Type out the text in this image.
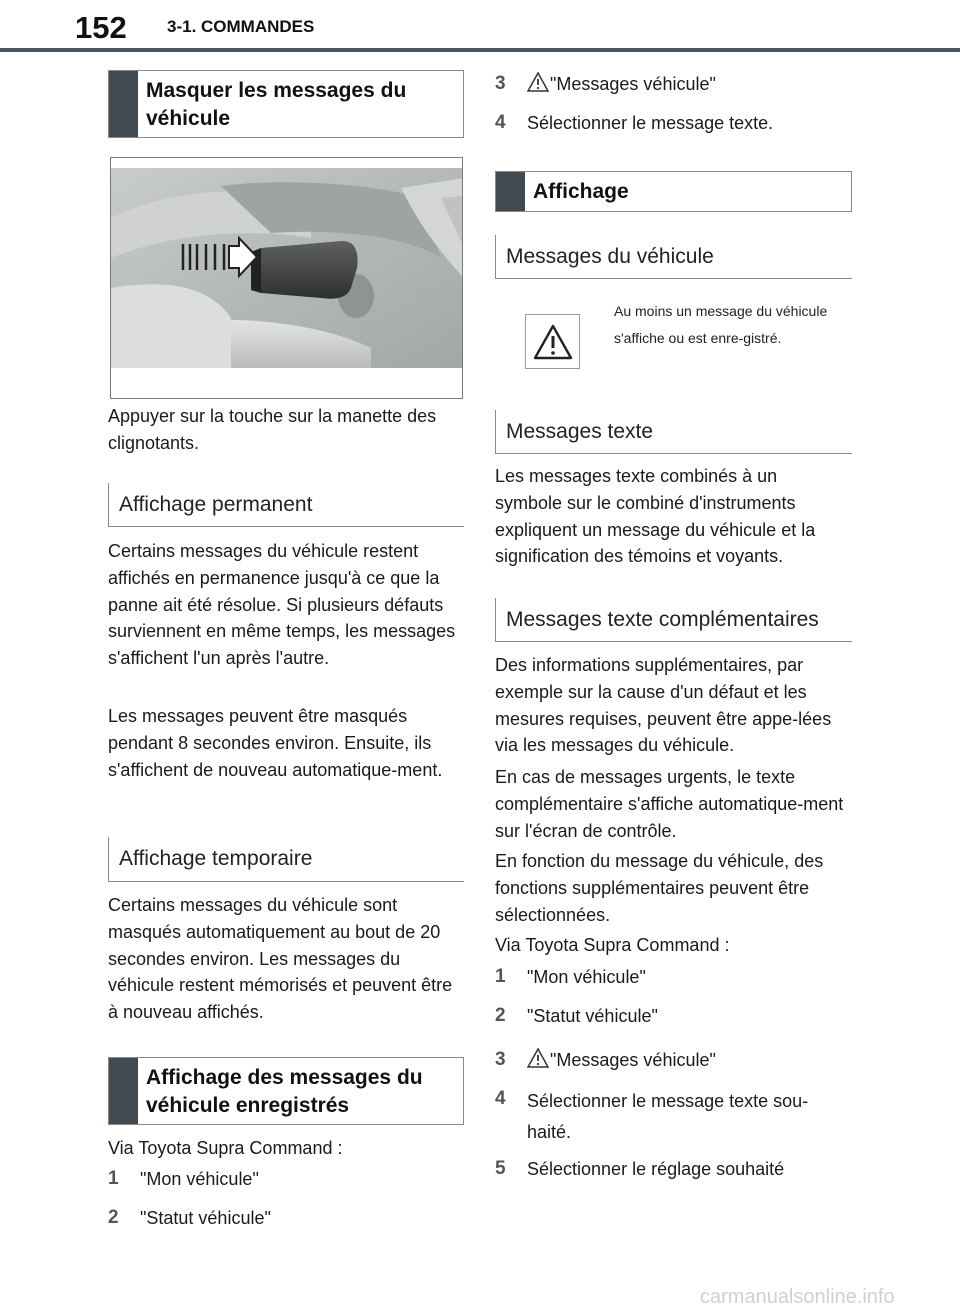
152 3-1. COMMANDES
Masquer les messages du véhicule
Appuyer sur la touche sur la manette des clignotants.
Affichage permanent
Certains messages du véhicule restent affichés en permanence jusqu'à ce que la panne ait été résolue. Si plusieurs défauts surviennent en même temps, les messages s'affichent l'un après l'autre.
Les messages peuvent être masqués pendant 8 secondes environ. Ensuite, ils s'affichent de nouveau automatique-ment.
Affichage temporaire
Certains messages du véhicule sont masqués automatiquement au bout de 20 secondes environ. Les messages du véhicule restent mémorisés et peuvent être à nouveau affichés.
Affichage des messages du véhicule enregistrés
Via Toyota Supra Command :
1 "Mon véhicule"
2 "Statut véhicule"
3	"Messages véhicule"
4 Sélectionner le message texte.
Affichage
Messages du véhicule
Au moins un message du véhicule s'affiche ou est enre-gistré.
Messages texte
Les messages texte combinés à un symbole sur le combiné d'instruments expliquent un message du véhicule et la signification des témoins et voyants.
Messages texte complémentaires
Des informations supplémentaires, par exemple sur la cause d'un défaut et les mesures requises, peuvent être appe-lées via les messages du véhicule.
En cas de messages urgents, le texte complémentaire s'affiche automatique-ment sur l'écran de contrôle.
En fonction du message du véhicule, des fonctions supplémentaires peuvent être sélectionnées.
Via Toyota Supra Command :
1 "Mon véhicule"
2 "Statut véhicule"
3	"Messages véhicule"
4 Sélectionner le message texte sou-haité.
5 Sélectionner le réglage souhaité
carmanualsonline.info
